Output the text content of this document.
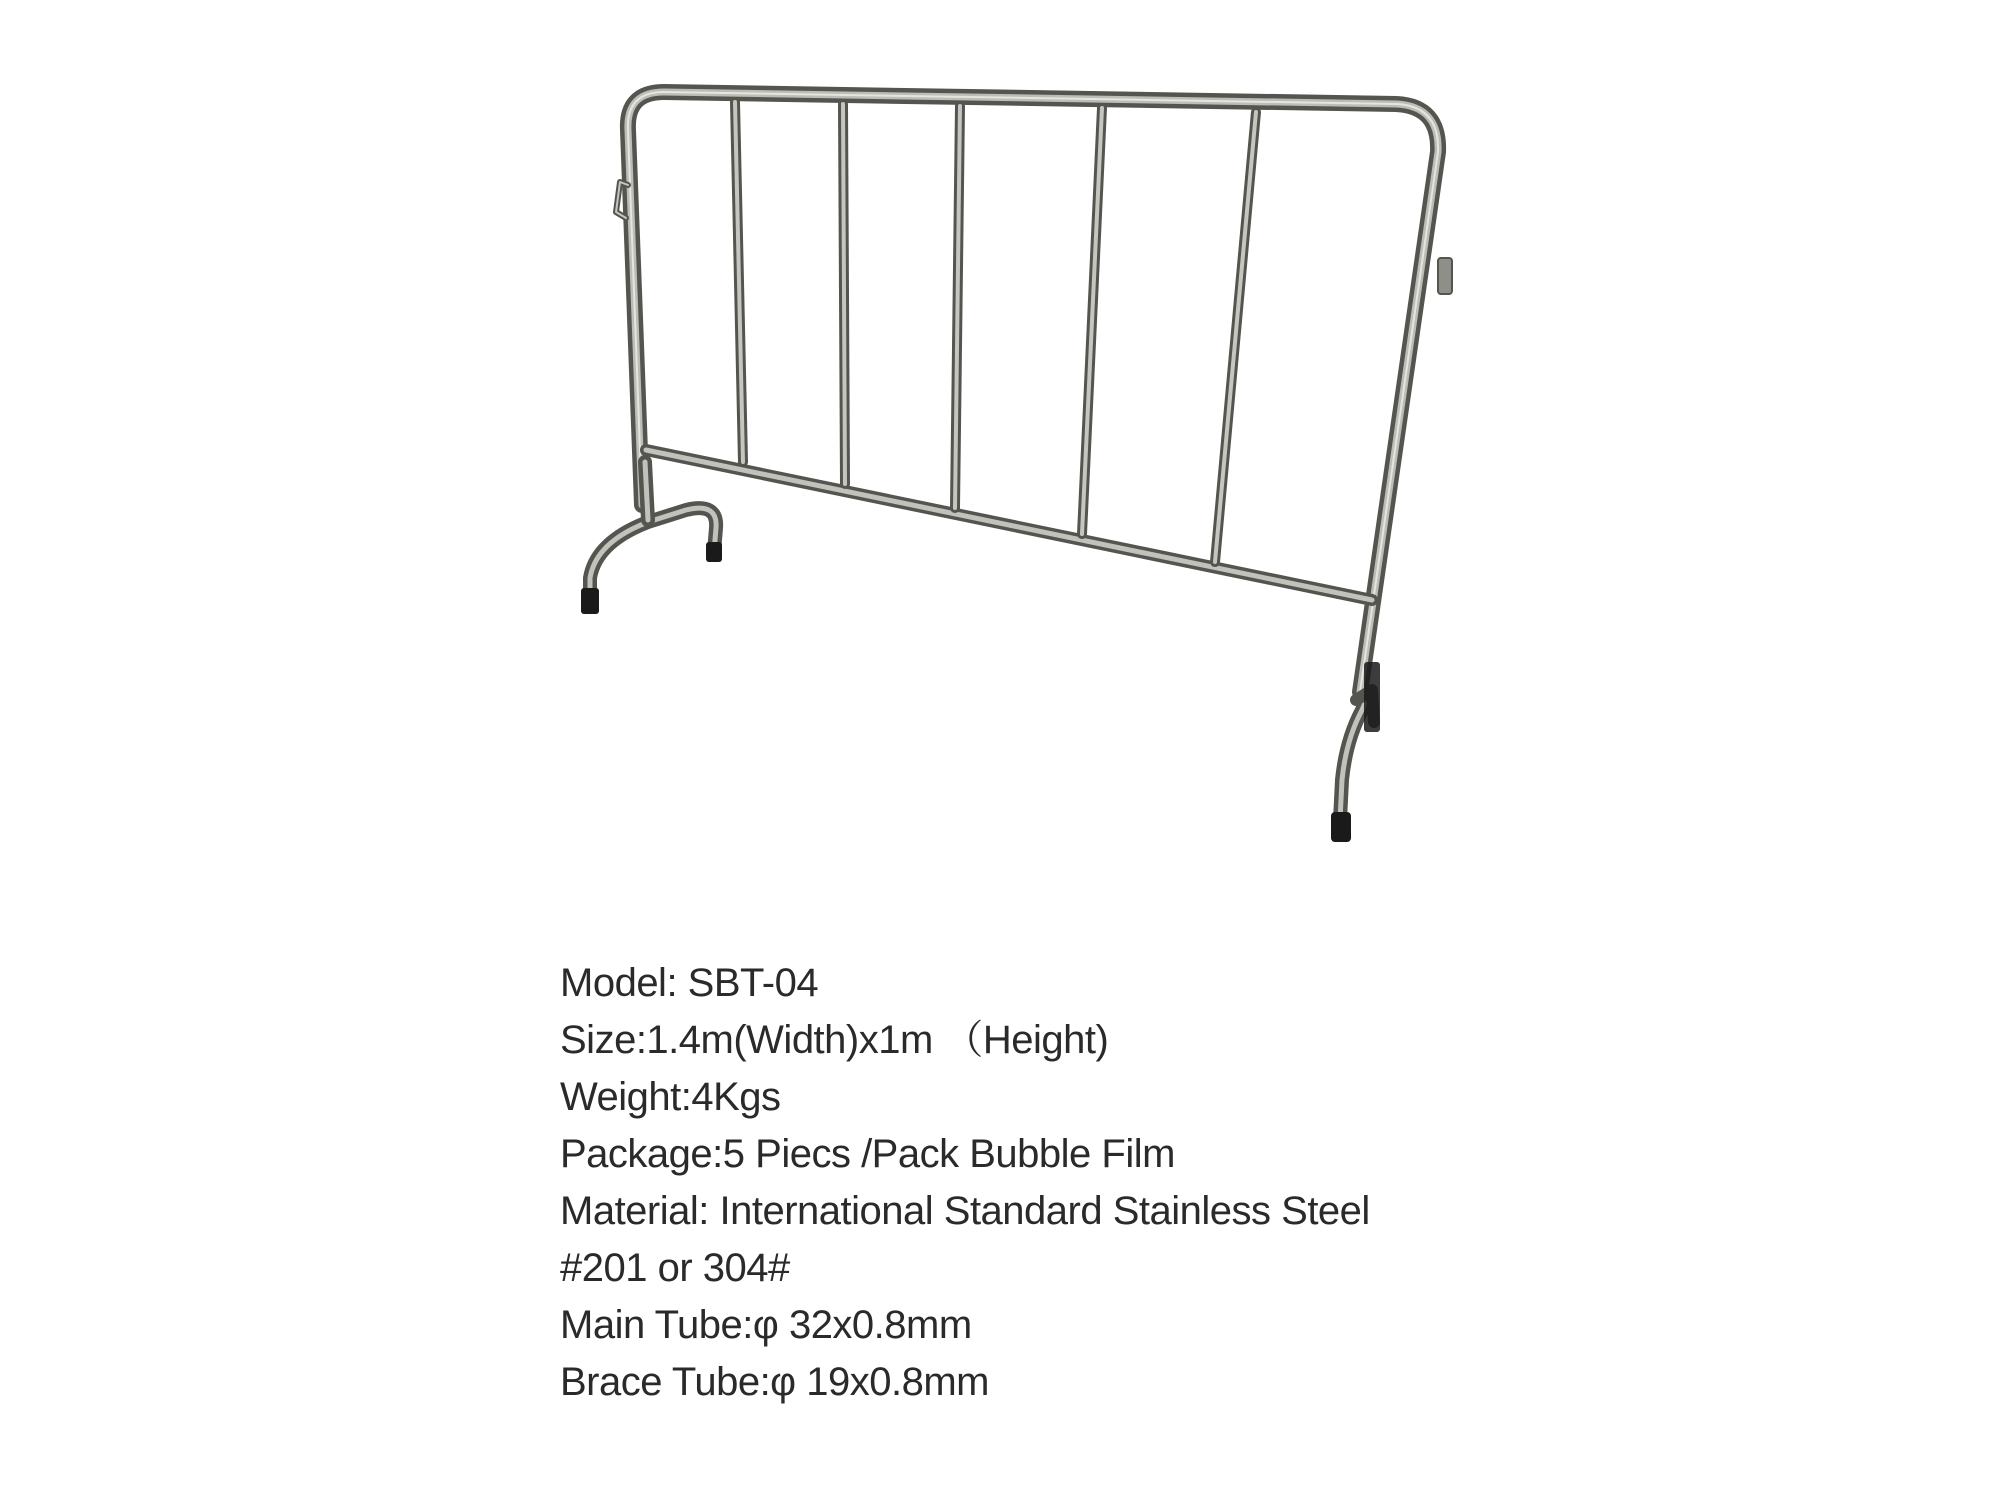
Model: SBT-04
Size:1.4m(Width)x1m （Height)
Weight:4Kgs
Package:5 Piecs /Pack Bubble Film
Material: International Standard Stainless Steel
#201 or 304#
Main Tube:φ 32x0.8mm
Brace Tube:φ 19x0.8mm
